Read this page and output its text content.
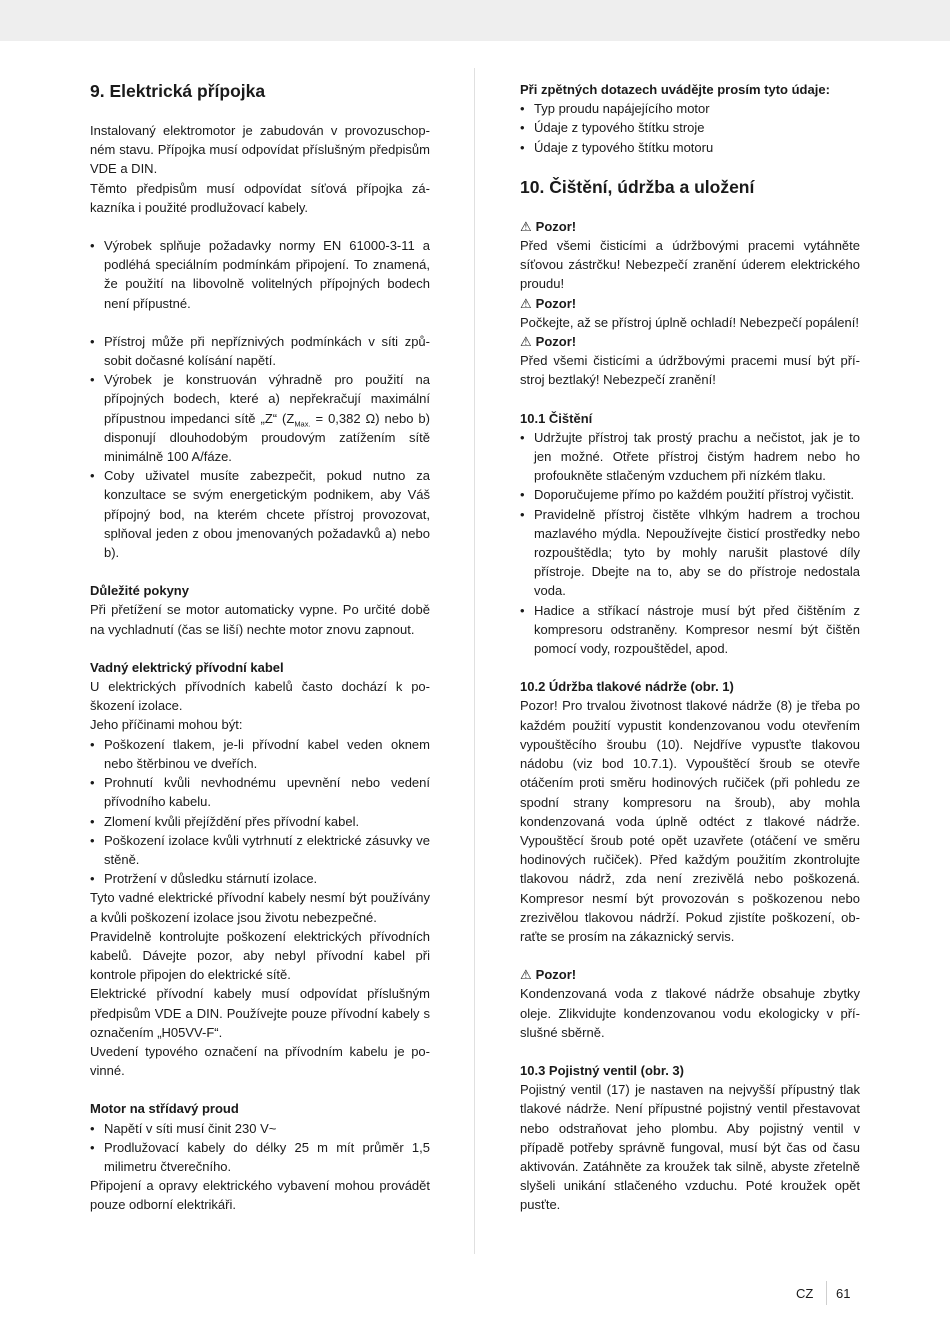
9. Elektrická přípojka

Instalovaný elektromotor je zabudován v provozuschopném stavu. Přípojka musí odpovídat příslušným předpisům VDE a DIN.

Těmto předpisům musí odpovídat síťová přípojka zákazníka i použité prodlužovací kabely.

• Výrobek splňuje požadavky normy EN 61000-3-11 a podléhá speciálním podmínkám připojení. To znamená, že použití na libovolně volitelných přípojných bodech není přípustné.
• Přístroj může při nepříznivých podmínkách v síti způsobit dočasné kolísání napětí.
• Výrobek je konstruován výhradně pro použití na přípojných bodech, které a) nepřekračují maximální přípustnou impedanci sítě „Z“ ($Z_{Max.} = 0,382$ Ω) nebo b) disponují dlouhodobým proudovým zatížením sítě minimálně 100 A/fáze.
• Coby uživatel musíte zabezpečit, pokud nutno za konzultace se svým energetickým podnikem, aby Váš přípojný bod, na kterém chcete přístroj provozovat, splňoval jeden z obou jmenovaných požadavků a) nebo b).
Důležité pokyny

Při přetížení se motor automaticky vypne. Po určité době na vychladnutí (čas se liší) nechte motor znovu zapnout.

Vadný elektrický přívodní kabel

U elektrických přívodních kabelů často dochází k poškození izolace.

Jeho příčinami mohou být:

• Poškození tlakem, je-li přívodní kabel veden oknem nebo štěrbinou ve dveřích.
• Prohnutí kvůli nevhodnému upevnění nebo vedení přívodního kabelu.
• Zlomení kvůli přejíždění přes přívodní kabel.
• Poškození izolace kvůli vytrhnutí z elektrické zásuvky ve stěně.
• Protržení v důsledku stárnutí izolace.

Tyto vadné elektrické přívodní kabely nesmí být používány a kvůli poškození izolace jsou životu nebezpečné.

Pravidelně kontrolujte poškození elektrických přívodních kabelů. Dávejte pozor, aby nebyl přívodní kabel při kontrole připojen do elektrické sítě.

Elektrické přívodní kabely musí odpovídat příslušným předpisům VDE a DIN. Používejte pouze přívodní kabely s označením „H05VV-F“.

Uvedení typového označení na přívodním kabelu je povinné.

Motor na střídavý proud
• Napětí v síti musí činit 230 V~
• Prodlužovací kabely do délky 25 m mít průměr 1,5 milimetru čtverečního.

Připojení a opravy elektrického vybavení mohou provádět pouze odborní elektrikáři.

Při zpětných dotazech uvádějte prosím tyto údaje:
• Typ proudu napájejícího motor
• Údaje z typového štítku stroje
• Údaje z typového štítku motoru
10. Čištění, údržba a uložení
⚠ Pozor!

Před všemi čisticími a údržbovými pracemi vytáhněte síťovou zástrčku! Nebezpečí zranění úderem elektrického proudu!

⚠ Pozor!

Počkejte, až se přístroj úplně ochladí! Nebezpečí popálení!

⚠ Pozor!

Před všemi čisticími a údržbovými pracemi musí být přístroj beztlaký! Nebezpečí zranění!

10.1 Čištění
• Udržujte přístroj tak prostý prachu a nečistot, jak je to jen možné. Otřete přístroj čistým hadrem nebo ho profoukněte stlačeným vzduchem při nízkém tlaku.
• Doporučujeme přímo po každém použití přístroj vyčistit.
• Pravidelně přístroj čistěte vlhkým hadrem a trochou mazlavého mýdla. Nepoužívejte čisticí prostředky nebo rozpouštědla; tyto by mohly narušit plastové díly přístroje. Dbejte na to, aby se do přístroje nedostala voda.
• Hadice a stříkací nástroje musí být před čištěním z kompresoru odstraněny. Kompresor nesmí být čištěn pomocí vody, rozpouštědel, apod.
10.2 Údržba tlakové nádrže (obr. 1)

Pozor! Pro trvalou životnost tlakové nádrže (8) je třeba po každém použití vypustit kondenzovanou vodu otevřením vypouštěcího šroubu (10). Nejdříve vypusťte tlakovou nádobu (viz bod 10.7.1). Vypouštěcí šroub se otevře otáčením proti směru hodinových ručiček (při pohledu ze spodní strany kompresoru na šroub), aby mohla kondenzovaná voda úplně odtéct z tlakové nádrže. Vypouštěcí šroub poté opět uzavřete (otáčení ve směru hodinových ručiček). Před každým použitím zkontrolujte tlakovou nádrž, zda není zrezivělá nebo poškozená. Kompresor nesmí být provozován s poškozenou nebo zrezivělou tlakovou nádrží. Pokud zjistíte poškození, obraťte se prosím na zákaznický servis.

⚠ Pozor!

Kondenzovaná voda z tlakové nádrže obsahuje zbytky oleje. Zlikvidujte kondenzovanou vodu ekologicky v příslušné sběrně.

10.3 Pojistný ventil (obr. 3)

Pojistný ventil (17) je nastaven na nejvyšší přípustný tlak tlakové nádrže. Není přípustné pojistný ventil přestavovat nebo odstraňovat jeho plombu. Aby pojistný ventil v případě potřeby správně fungoval, musí být čas od času aktivován. Zatáhněte za kroužek tak silně, abyste zřetelně slyšeli unikání stlačeného vzduchu. Poté kroužek opět pusťte.

CZ 61
